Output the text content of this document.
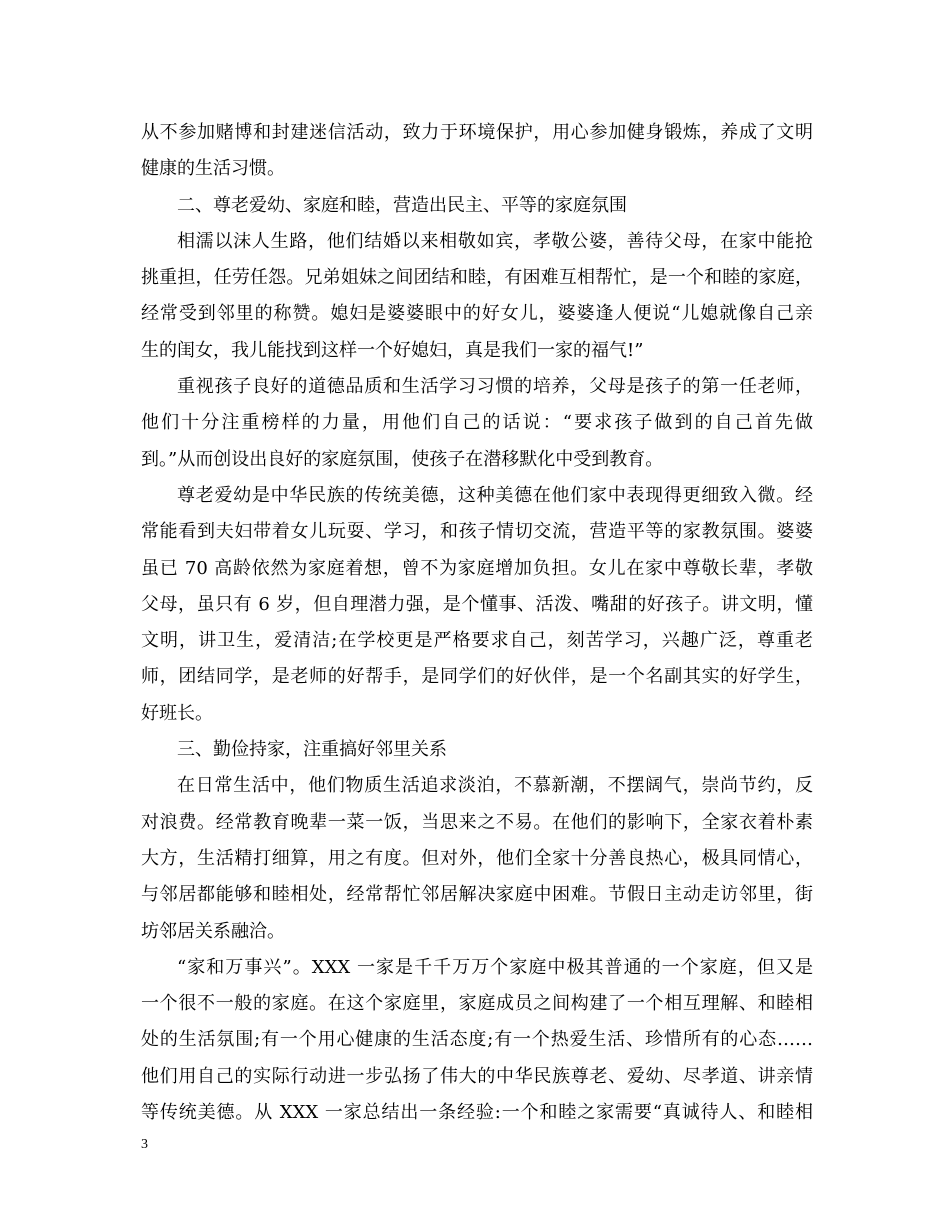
从不参加赌博和封建迷信活动，致力于环境保护，用心参加健身锻炼，养成了文明
健康的生活习惯。
二、尊老爱幼、家庭和睦，营造出民主、平等的家庭氛围
相濡以沫人生路，他们结婚以来相敬如宾，孝敬公婆，善待父母，在家中能抢
挑重担，任劳任怨。兄弟姐妹之间团结和睦，有困难互相帮忙，是一个和睦的家庭，
经常受到邻里的称赞。媳妇是婆婆眼中的好女儿，婆婆逢人便说“儿媳就像自己亲
生的闺女，我儿能找到这样一个好媳妇，真是我们一家的福气!”
重视孩子良好的道德品质和生活学习习惯的培养，父母是孩子的第一任老师，
他们十分注重榜样的力量，用他们自己的话说：“要求孩子做到的自己首先做
到。”从而创设出良好的家庭氛围，使孩子在潜移默化中受到教育。
尊老爱幼是中华民族的传统美德，这种美德在他们家中表现得更细致入微。经
常能看到夫妇带着女儿玩耍、学习，和孩子情切交流，营造平等的家教氛围。婆婆
虽已 70 高龄依然为家庭着想，曾不为家庭增加负担。女儿在家中尊敬长辈，孝敬
父母，虽只有 6 岁，但自理潜力强，是个懂事、活泼、嘴甜的好孩子。讲文明，懂
文明，讲卫生，爱清洁;在学校更是严格要求自己，刻苦学习，兴趣广泛，尊重老
师，团结同学，是老师的好帮手，是同学们的好伙伴，是一个名副其实的好学生，
好班长。
三、勤俭持家，注重搞好邻里关系
在日常生活中，他们物质生活追求淡泊，不慕新潮，不摆阔气，崇尚节约，反
对浪费。经常教育晚辈一菜一饭，当思来之不易。在他们的影响下，全家衣着朴素
大方，生活精打细算，用之有度。但对外，他们全家十分善良热心，极具同情心，
与邻居都能够和睦相处，经常帮忙邻居解决家庭中困难。节假日主动走访邻里，街
坊邻居关系融洽。
“家和万事兴”。XXX 一家是千千万万个家庭中极其普通的一个家庭，但又是
一个很不一般的家庭。在这个家庭里，家庭成员之间构建了一个相互理解、和睦相
处的生活氛围;有一个用心健康的生活态度;有一个热爱生活、珍惜所有的心态……
他们用自己的实际行动进一步弘扬了伟大的中华民族尊老、爱幼、尽孝道、讲亲情
等传统美德。从 XXX 一家总结出一条经验:一个和睦之家需要“真诚待人、和睦相
3
